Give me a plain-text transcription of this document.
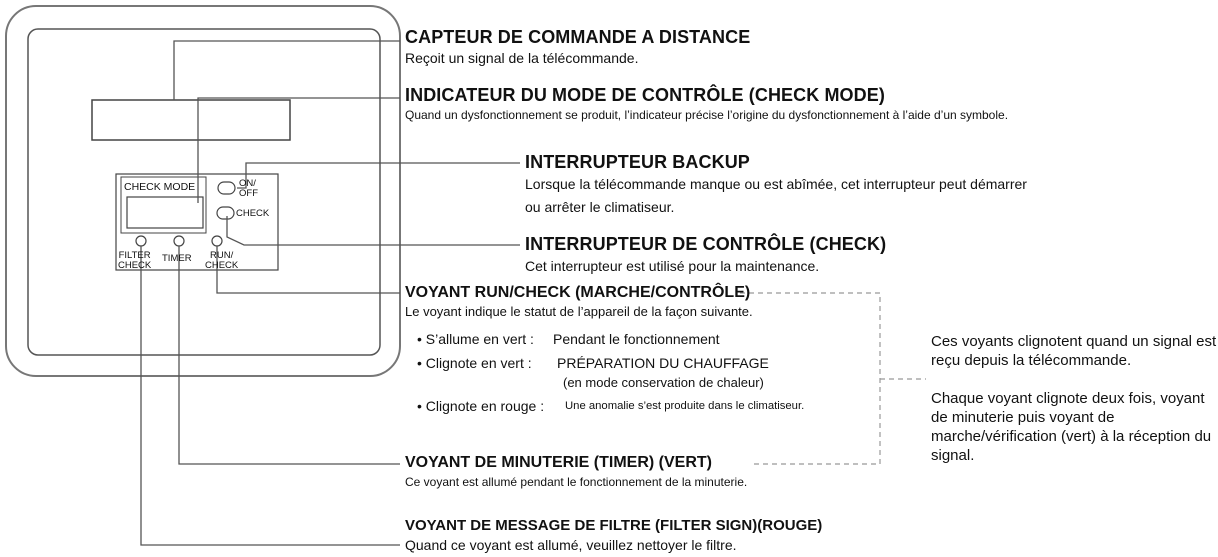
CHECK MODE	ON/
OFF
CHECK
FILTER
CHECK
TIMER	RUN/
CHECK
CAPTEUR DE COMMANDE A DISTANCE
Reçoit un signal de la télécommande.
INDICATEUR DU MODE DE CONTRÔLE (CHECK MODE)
Quand un dysfonctionnement se produit, l’indicateur précise l’origine du dysfonctionnement à l’aide d’un symbole.
INTERRUPTEUR BACKUP
Lorsque la télécommande manque ou est abîmée, cet interrupteur peut démarrer
ou arrêter le climatiseur.
INTERRUPTEUR DE CONTRÔLE (CHECK)
Cet interrupteur est utilisé pour la maintenance.
VOYANT RUN/CHECK (MARCHE/CONTRÔLE)
Le voyant indique le statut de l’appareil de la façon suivante.
• S’allume en vert : Pendant le fonctionnement
• Clignote en vert : PRÉPARATION DU CHAUFFAGE
(en mode conservation de chaleur)
• Clignote en rouge : Une anomalie s’est produite dans le climatiseur.
VOYANT DE MINUTERIE (TIMER) (VERT)
Ce voyant est allumé pendant le fonctionnement de la minuterie.
VOYANT DE MESSAGE DE FILTRE (FILTER SIGN)(ROUGE)
Quand ce voyant est allumé, veuillez nettoyer le filtre.
Ces voyants clignotent quand un signal est reçu depuis la télécommande.
Chaque voyant clignote deux fois, voyant de minuterie puis voyant de marche/vérification (vert) à la réception du signal.
